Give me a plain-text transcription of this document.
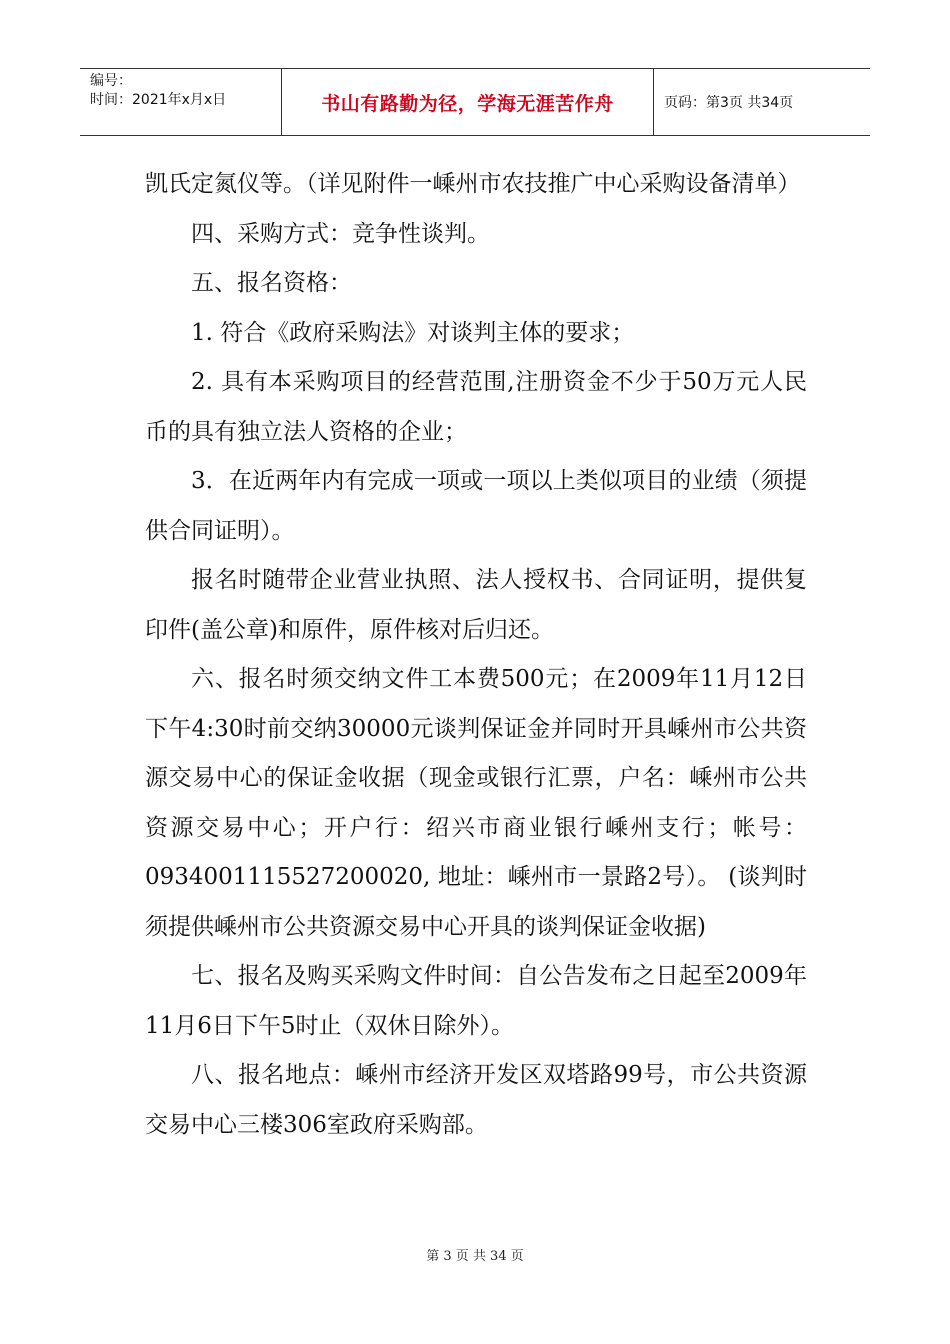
编号：
时间：2021年x月x日	书山有路勤为径，学海无涯苦作舟	页码：第3页 共34页

凯氏定氮仪等。（详见附件一嵊州市农技推广中心采购设备清单）

四、采购方式：竞争性谈判。

五、报名资格：

1. 符合《政府采购法》对谈判主体的要求；

2. 具有本采购项目的经营范围,注册资金不少于50万元人民币的具有独立法人资格的企业；

3．在近两年内有完成一项或一项以上类似项目的业绩（须提供合同证明）。

报名时随带企业营业执照、法人授权书、合同证明，提供复印件(盖公章)和原件，原件核对后归还。

六、报名时须交纳文件工本费500元；在2009年11月12日下午4:30时前交纳30000元谈判保证金并同时开具嵊州市公共资源交易中心的保证金收据（现金或银行汇票，户名：嵊州市公共资源交易中心；开户行：绍兴市商业银行嵊州支行；帐号：0934001115527200020, 地址：嵊州市一景路2号）。 (谈判时须提供嵊州市公共资源交易中心开具的谈判保证金收据)

七、报名及购买采购文件时间：自公告发布之日起至2009年11月6日下午5时止（双休日除外）。

八、报名地点：嵊州市经济开发区双塔路99号，市公共资源交易中心三楼306室政府采购部。

第 3 页 共 34 页
